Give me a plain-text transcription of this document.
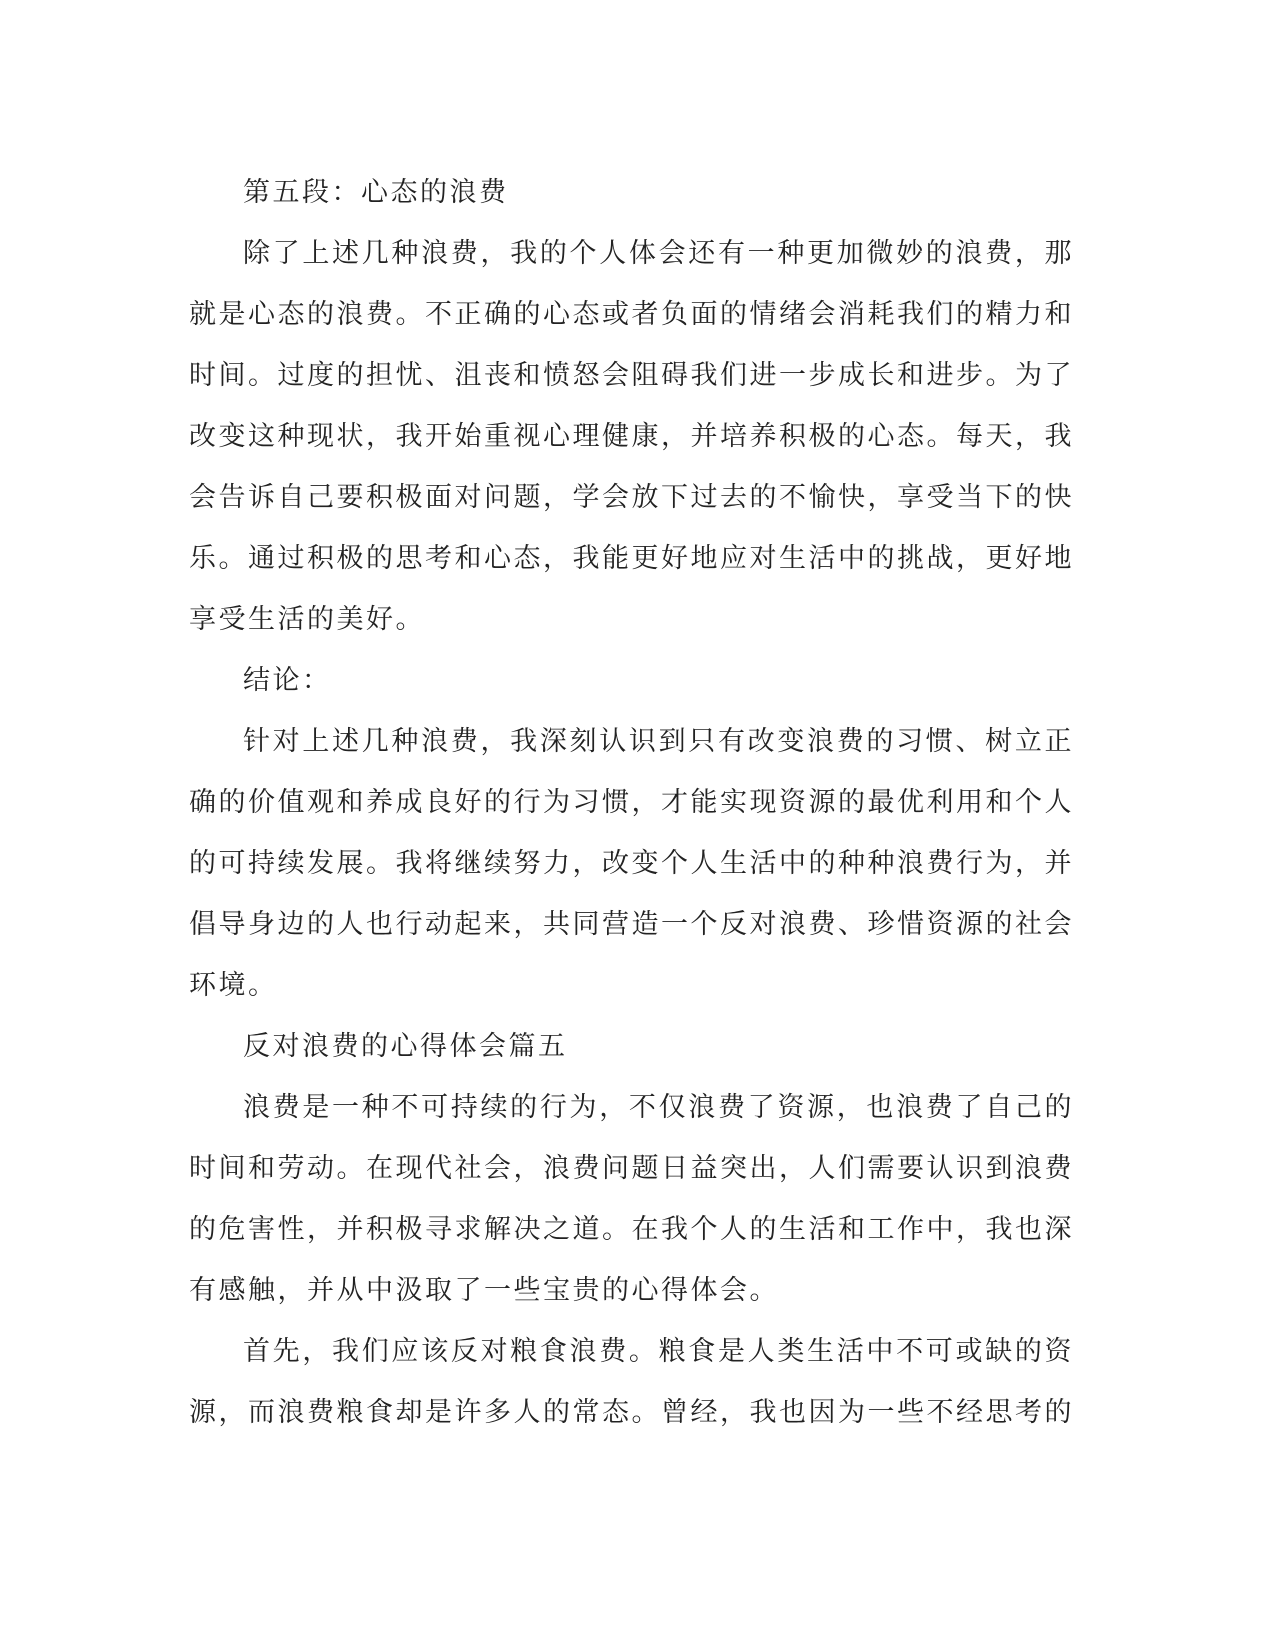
第五段：心态的浪费

除了上述几种浪费，我的个人体会还有一种更加微妙的浪费，那就是心态的浪费。不正确的心态或者负面的情绪会消耗我们的精力和时间。过度的担忧、沮丧和愤怒会阻碍我们进一步成长和进步。为了改变这种现状，我开始重视心理健康，并培养积极的心态。每天，我会告诉自己要积极面对问题，学会放下过去的不愉快，享受当下的快乐。通过积极的思考和心态，我能更好地应对生活中的挑战，更好地享受生活的美好。

结论：

针对上述几种浪费，我深刻认识到只有改变浪费的习惯、树立正确的价值观和养成良好的行为习惯，才能实现资源的最优利用和个人的可持续发展。我将继续努力，改变个人生活中的种种浪费行为，并倡导身边的人也行动起来，共同营造一个反对浪费、珍惜资源的社会环境。

反对浪费的心得体会篇五

浪费是一种不可持续的行为，不仅浪费了资源，也浪费了自己的时间和劳动。在现代社会，浪费问题日益突出，人们需要认识到浪费的危害性，并积极寻求解决之道。在我个人的生活和工作中，我也深有感触，并从中汲取了一些宝贵的心得体会。

首先，我们应该反对粮食浪费。粮食是人类生活中不可或缺的资源，而浪费粮食却是许多人的常态。曾经，我也因为一些不经思考的
